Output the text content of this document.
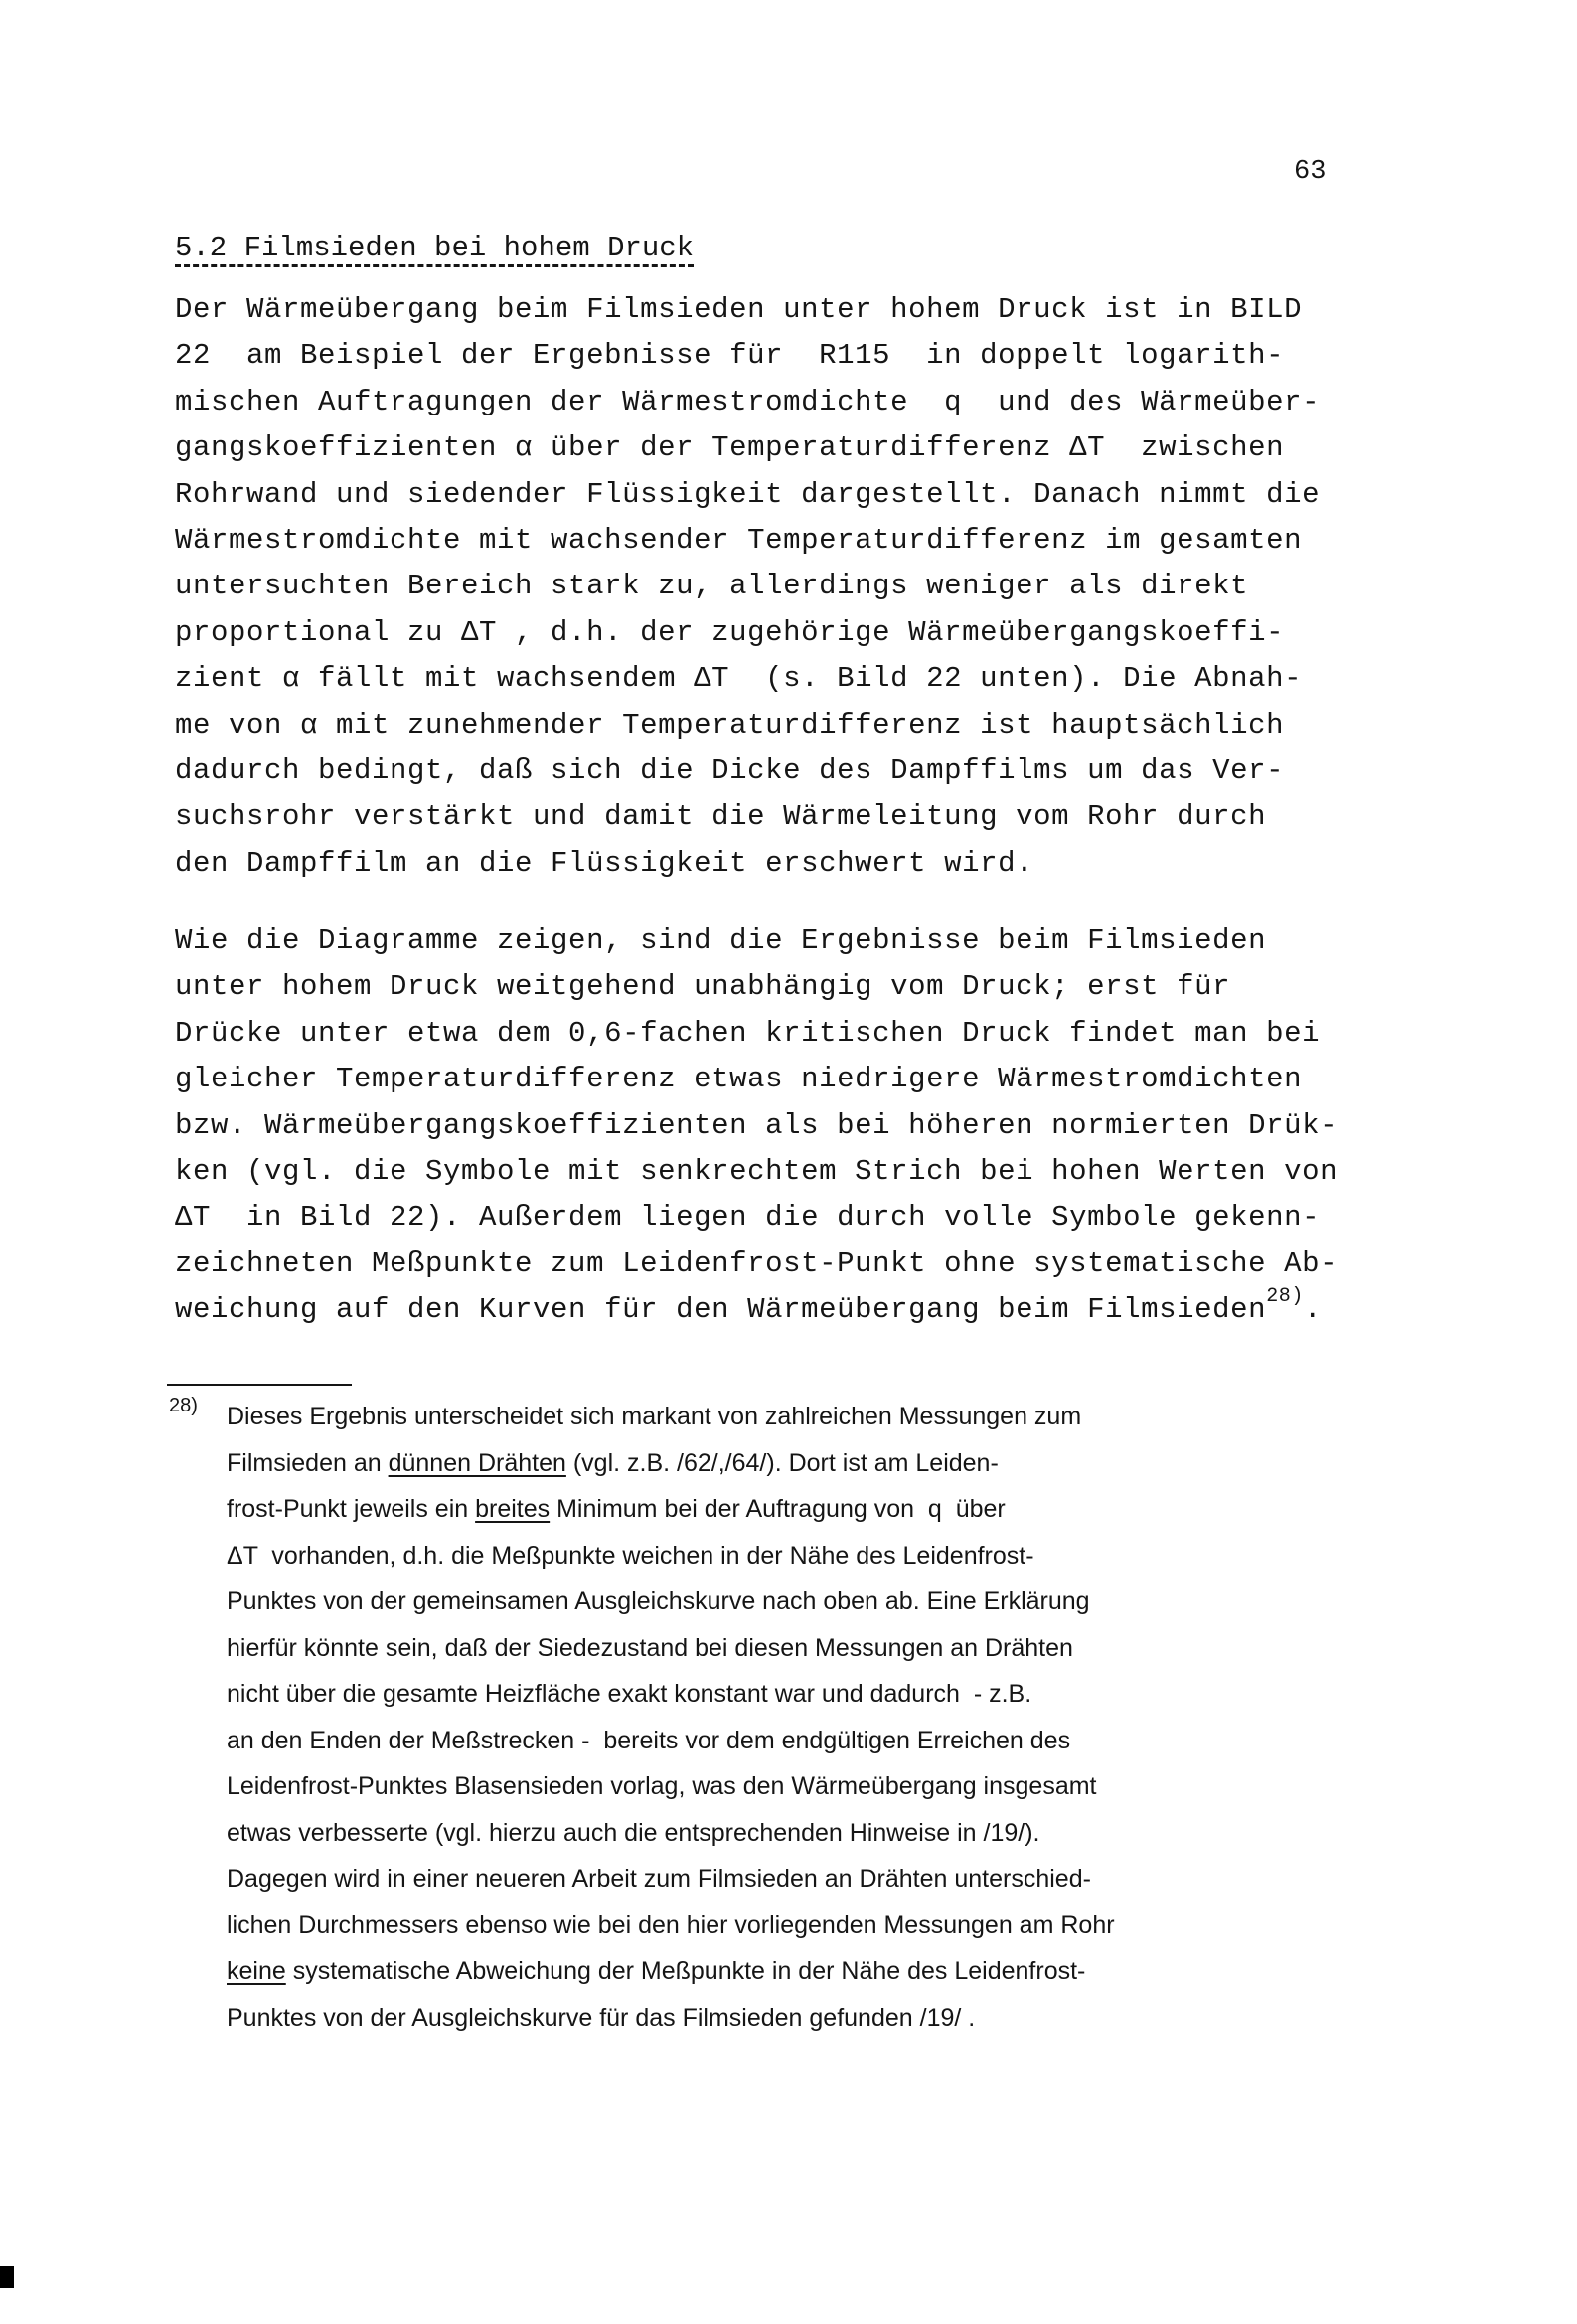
63
5.2 Filmsieden bei hohem Druck
Der Wärmeübergang beim Filmsieden unter hohem Druck ist in BILD
22  am Beispiel der Ergebnisse für  R115  in doppelt logarith-
mischen Auftragungen der Wärmestromdichte  q  und des Wärmeüber-
gangskoeffizienten α über der Temperaturdifferenz ΔT  zwischen
Rohrwand und siedender Flüssigkeit dargestellt. Danach nimmt die
Wärmestromdichte mit wachsender Temperaturdifferenz im gesamten
untersuchten Bereich stark zu, allerdings weniger als direkt
proportional zu ΔT , d.h. der zugehörige Wärmeübergangskoeffi-
zient α fällt mit wachsendem ΔT  (s. Bild 22 unten). Die Abnah-
me von α mit zunehmender Temperaturdifferenz ist hauptsächlich
dadurch bedingt, daß sich die Dicke des Dampffilms um das Ver-
suchsrohr verstärkt und damit die Wärmeleitung vom Rohr durch
den Dampffilm an die Flüssigkeit erschwert wird.
Wie die Diagramme zeigen, sind die Ergebnisse beim Filmsieden
unter hohem Druck weitgehend unabhängig vom Druck; erst für
Drücke unter etwa dem 0,6-fachen kritischen Druck findet man bei
gleicher Temperaturdifferenz etwas niedrigere Wärmestromdichten
bzw. Wärmeübergangskoeffizienten als bei höheren normierten Drük-
ken (vgl. die Symbole mit senkrechtem Strich bei hohen Werten von
ΔT  in Bild 22). Außerdem liegen die durch volle Symbole gekenn-
zeichneten Meßpunkte zum Leidenfrost-Punkt ohne systematische Ab-
weichung auf den Kurven für den Wärmeübergang beim Filmsieden$^{28)}$.
28)	Dieses Ergebnis unterscheidet sich markant von zahlreichen Messungen zum
Filmsieden an dünnen Drähten (vgl. z.B. /62/,/64/). Dort ist am Leiden-
frost-Punkt jeweils ein breites Minimum bei der Auftragung von  q  über
ΔT  vorhanden, d.h. die Meßpunkte weichen in der Nähe des Leidenfrost-
Punktes von der gemeinsamen Ausgleichskurve nach oben ab. Eine Erklärung
hierfür könnte sein, daß der Siedezustand bei diesen Messungen an Drähten
nicht über die gesamte Heizfläche exakt konstant war und dadurch  - z.B.
an den Enden der Meßstrecken -  bereits vor dem endgültigen Erreichen des
Leidenfrost-Punktes Blasensieden vorlag, was den Wärmeübergang insgesamt
etwas verbesserte (vgl. hierzu auch die entsprechenden Hinweise in /19/).
Dagegen wird in einer neueren Arbeit zum Filmsieden an Drähten unterschied-
lichen Durchmessers ebenso wie bei den hier vorliegenden Messungen am Rohr
keine systematische Abweichung der Meßpunkte in der Nähe des Leidenfrost-
Punktes von der Ausgleichskurve für das Filmsieden gefunden /19/ .
